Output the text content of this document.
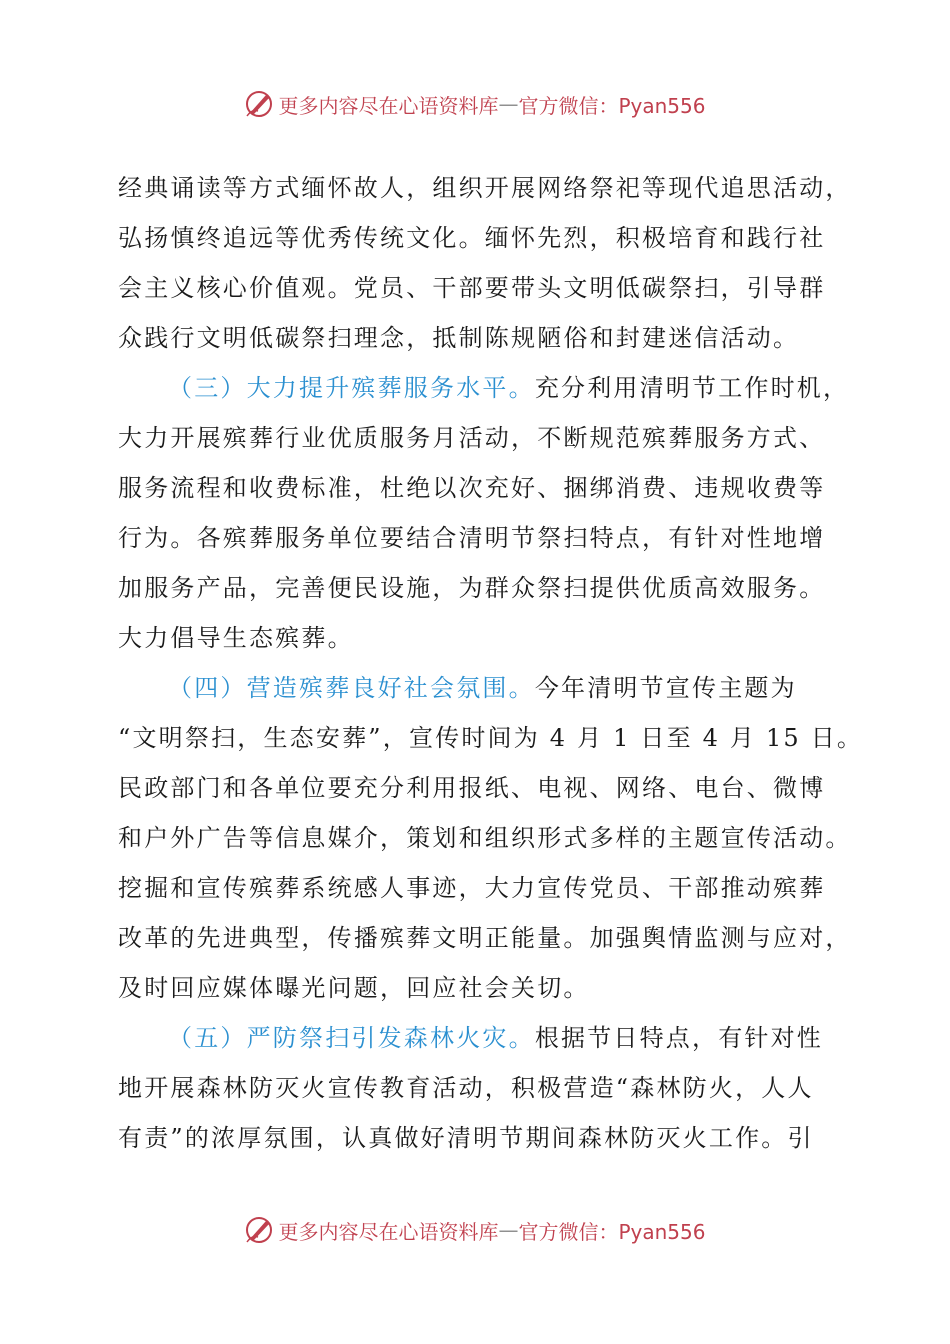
更多内容尽在心语资料库 — 官方微信：Pyan556
经典诵读等方式缅怀故人，组织开展网络祭祀等现代追思活动，
弘扬慎终追远等优秀传统文化。缅怀先烈，积极培育和践行社
会主义核心价值观。党员、干部要带头文明低碳祭扫，引导群
众践行文明低碳祭扫理念，抵制陈规陋俗和封建迷信活动。
（三）大力提升殡葬服务水平。充分利用清明节工作时机，
大力开展殡葬行业优质服务月活动，不断规范殡葬服务方式、
服务流程和收费标准，杜绝以次充好、捆绑消费、违规收费等
行为。各殡葬服务单位要结合清明节祭扫特点，有针对性地增
加服务产品，完善便民设施，为群众祭扫提供优质高效服务。
大力倡导生态殡葬。
（四）营造殡葬良好社会氛围。今年清明节宣传主题为
“文明祭扫，生态安葬”，宣传时间为 4 月 1 日至 4 月 15 日。
民政部门和各单位要充分利用报纸、电视、网络、电台、微博
和户外广告等信息媒介，策划和组织形式多样的主题宣传活动。
挖掘和宣传殡葬系统感人事迹，大力宣传党员、干部推动殡葬
改革的先进典型，传播殡葬文明正能量。加强舆情监测与应对，
及时回应媒体曝光问题，回应社会关切。
（五）严防祭扫引发森林火灾。根据节日特点，有针对性
地开展森林防灭火宣传教育活动，积极营造“森林防火，人人
有责”的浓厚氛围，认真做好清明节期间森林防灭火工作。引
更多内容尽在心语资料库 — 官方微信：Pyan556
